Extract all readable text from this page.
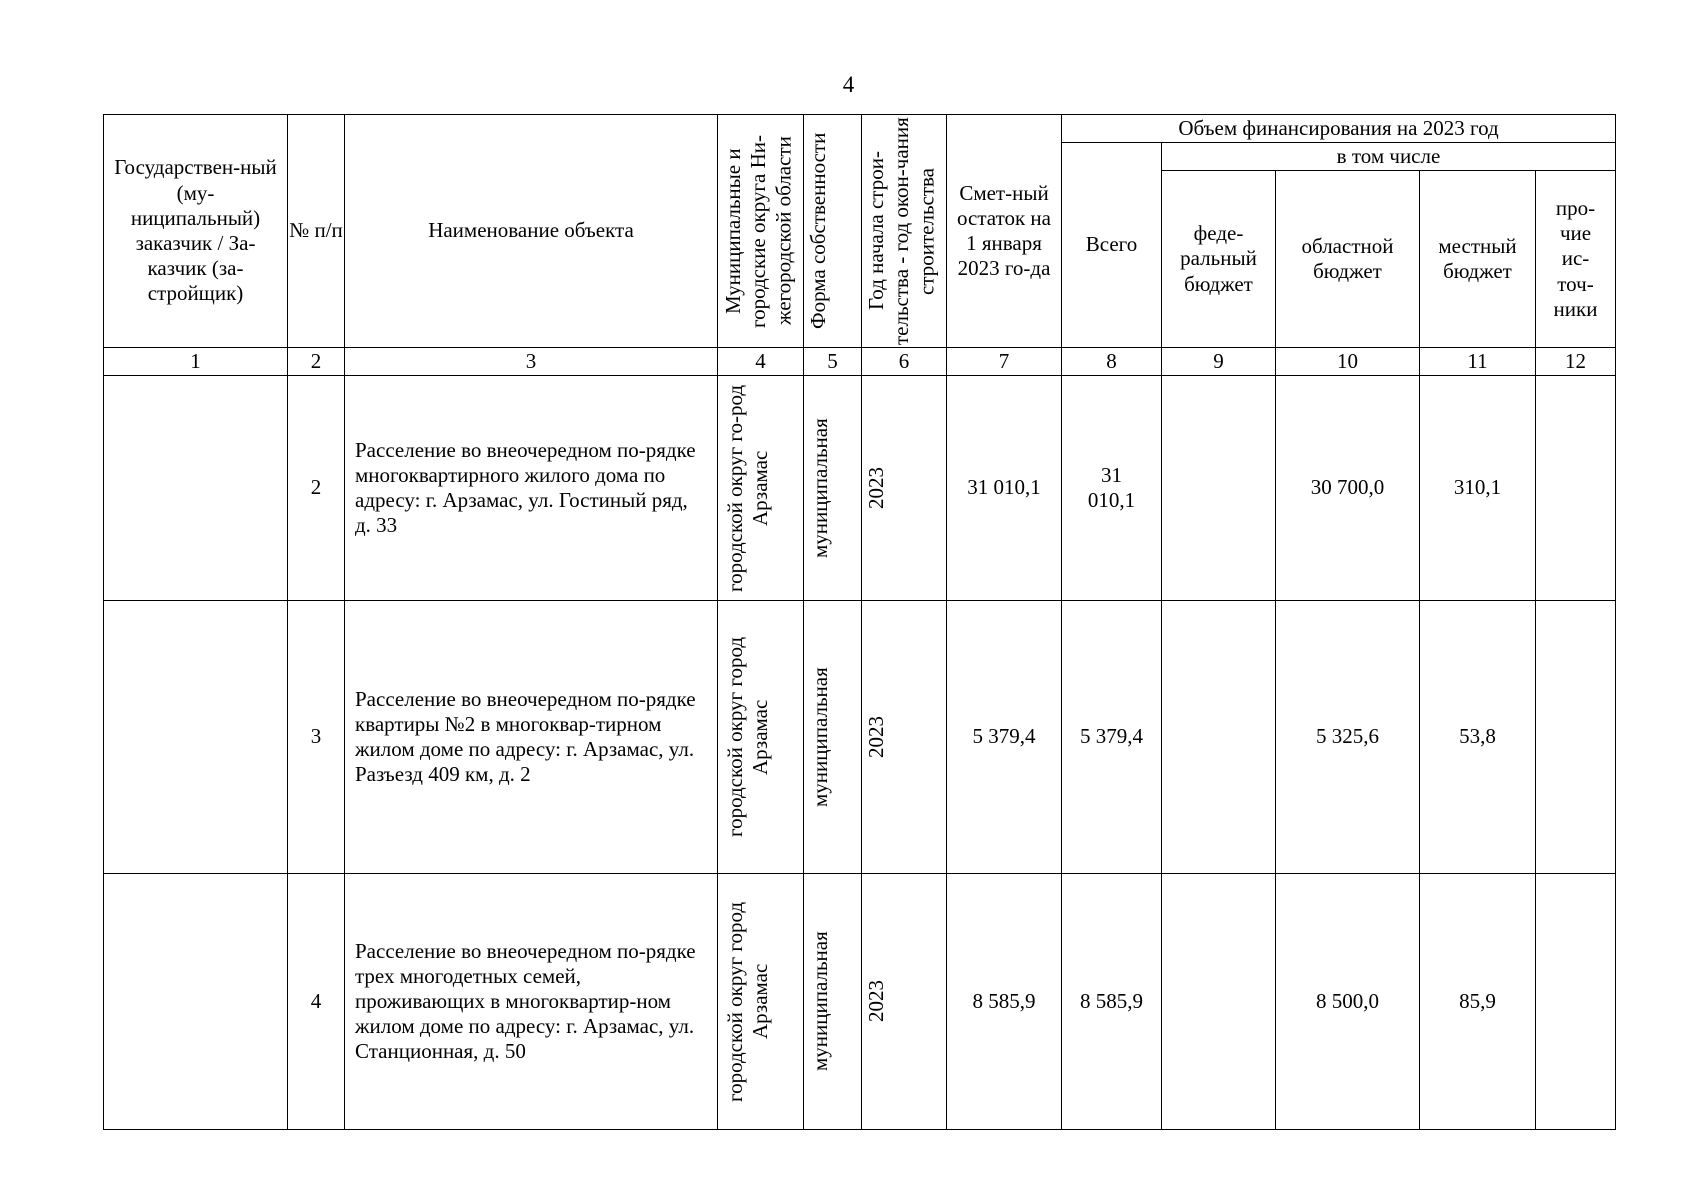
4
Государствен-ный (му-ниципальный) заказчик / За-казчик (за-стройщик)	№ п/п	Наименование объекта	Муниципальные и городские округа Ни-жегородской области	Форма собственности	Год начала строи-тельства - год окон-чания строительства	Смет-ный остаток на 1 января 2023 го-да	Объем финансирования на 2023 год				
							Всего	в том числе			

								феде-ральный бюджет	областной бюджет	местный бюджет	про-чие ис-точ-ники

1	2	3	4	5	6	7	8	9	10	11	12
	2	Расселение во внеочередном по-рядке многоквартирного жилого дома по адресу: г. Арзамас, ул. Гостиный ряд, д. 33	городской округ го-род Арзамас	муниципальная	2023	31 010,1	31 010,1		30 700,0	310,1	
	3	Расселение во внеочередном по-рядке квартиры №2 в многоквар-тирном жилом доме по адресу: г. Арзамас, ул. Разъезд 409 км, д. 2	городской округ город Арзамас	муниципальная	2023	5 379,4	5 379,4		5 325,6	53,8	
	4	Расселение во внеочередном по-рядке трех многодетных семей, проживающих в многоквартир-ном жилом доме по адресу: г. Арзамас, ул. Станционная, д. 50	городской округ город Арзамас	муниципальная	2023	8 585,9	8 585,9		8 500,0	85,9	
